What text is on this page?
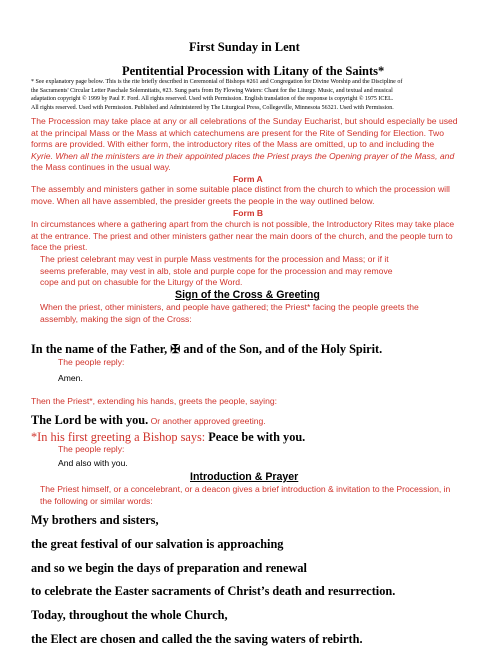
First Sunday in Lent
Pentitential Procession with Litany of the Saints*
* See explanatory page below. This is the rite briefly described in Ceremonial of Bishops #261 and Congregation for Divine Worship and the Discipline of
the Sacraments' Circular Letter Paschale Solemnitatis, #23. Sung parts from By Flowing Waters: Chant for the Liturgy. Music, and textual and musical
adaptation copyright © 1999 by Paul F. Ford. All rights reserved. Used with Permission. English translation of the response is copyright © 1975 ICEL.
All rights reserved. Used with Permission. Published and Administered by The Liturgical Press, Collegeville, Minnesota 56321. Used with Permission.
The Procession may take place at any or all celebrations of the Sunday Eucharist, but should especially be used
at the principal Mass or the Mass at which catechumens are present for the Rite of Sending for Election. Two
forms are provided. With either form, the introductory rites of the Mass are omitted, up to and including the
Kyrie. When all the ministers are in their appointed places the Priest prays the Opening prayer of the Mass, and
the Mass continues in the usual way.
Form A
The assembly and ministers gather in some suitable place distinct from the church to which the procession will
move. When all have assembled, the presider greets the people in the way outlined below.
Form B
In circumstances where a gathering apart from the church is not possible, the Introductory Rites may take place
at the entrance. The priest and other ministers gather near the main doors of the church, and the people turn to
face the priest.
The priest celebrant may vest in purple Mass vestments for the procession and Mass; or if it
seems preferable, may vest in alb, stole and purple cope for the procession and may remove
cope and put on chasuble for the Liturgy of the Word.
Sign of the Cross & Greeting
When the priest, other ministers, and people have gathered; the Priest* facing the people greets the
assembly, making the sign of the Cross:
In the name of the Father, ✠ and of the Son, and of the Holy Spirit.
The people reply:
Amen.
Then the Priest*, extending his hands, greets the people, saying:
The Lord be with you. Or another approved greeting.
*In his first greeting a Bishop says: Peace be with you.
The people reply:
And also with you.
Introduction & Prayer
The Priest himself, or a concelebrant, or a deacon gives a brief introduction & invitation to the Procession, in
the following or similar words:
My brothers and sisters,
the great festival of our salvation is approaching
and so we begin the days of preparation and renewal
to celebrate the Easter sacraments of Christ’s death and resurrection.
Today, throughout the whole Church,
the Elect are chosen and called the the saving waters of rebirth.
